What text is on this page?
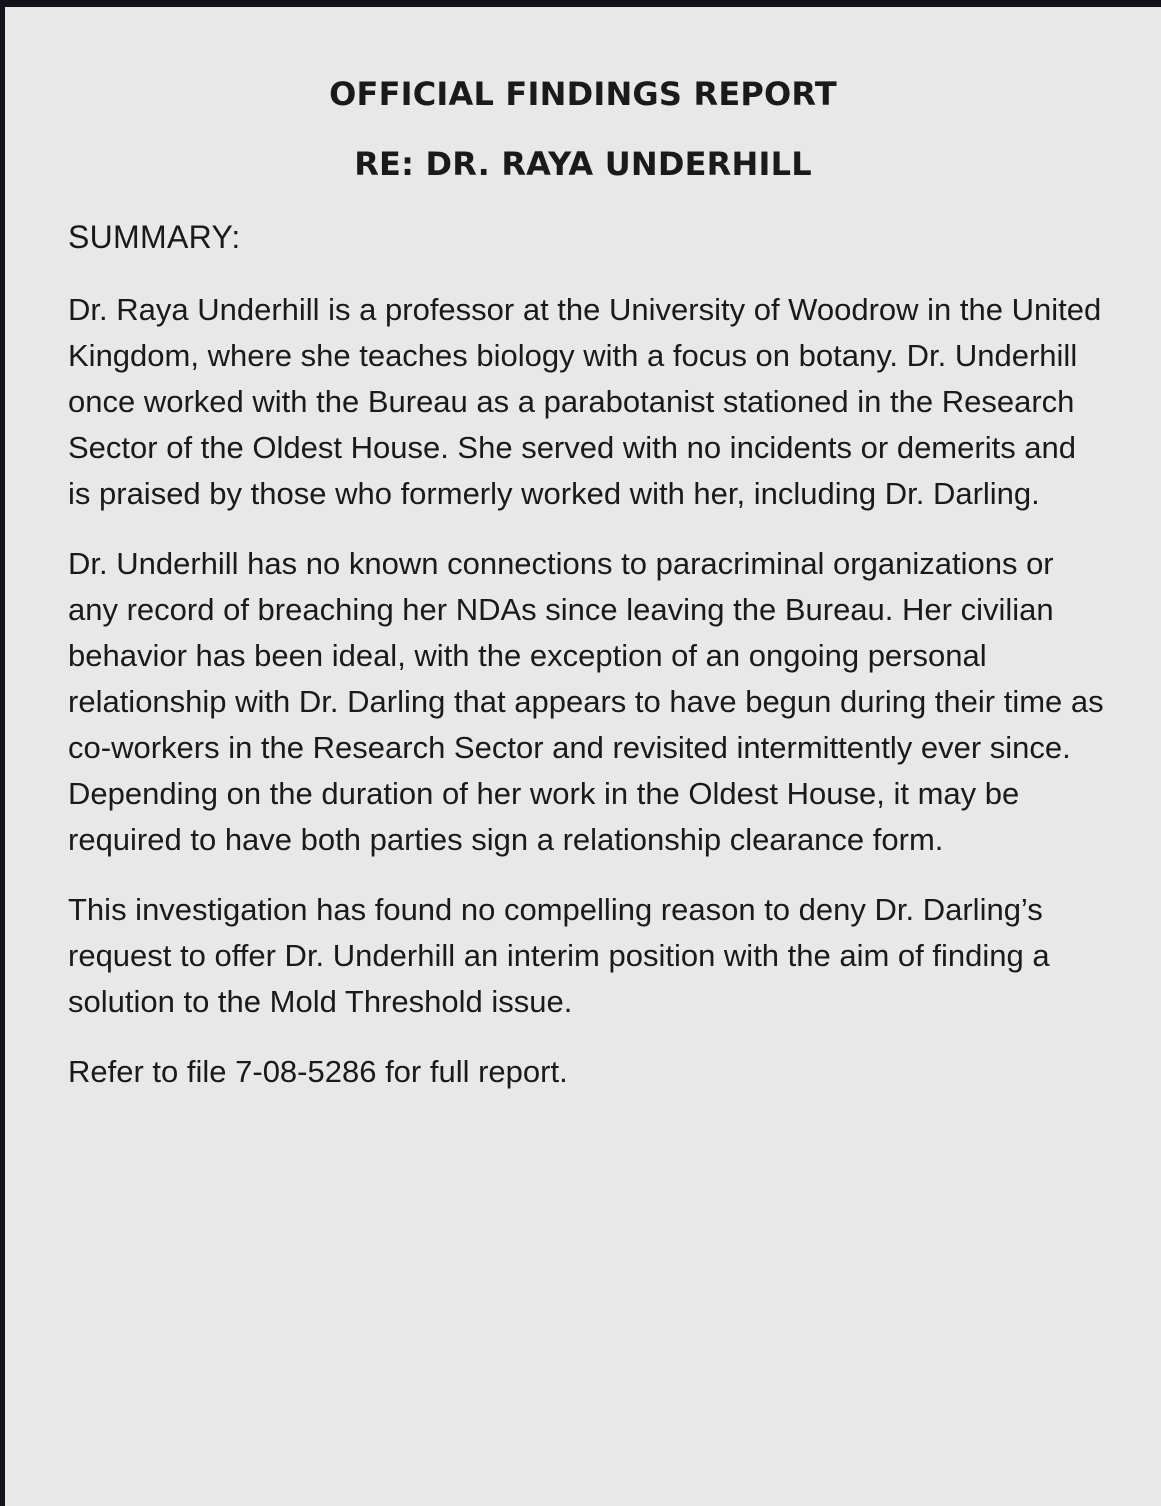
OFFICIAL FINDINGS REPORT
RE: DR. RAYA UNDERHILL
SUMMARY:

Dr. Raya Underhill is a professor at the University of Woodrow in the United Kingdom, where she teaches biology with a focus on botany. Dr. Underhill once worked with the Bureau as a parabotanist stationed in the Research Sector of the Oldest House. She served with no incidents or demerits and is praised by those who formerly worked with her, including Dr. Darling.

Dr. Underhill has no known connections to paracriminal organizations or any record of breaching her NDAs since leaving the Bureau. Her civilian behavior has been ideal, with the exception of an ongoing personal relationship with Dr. Darling that appears to have begun during their time as co-workers in the Research Sector and revisited intermittently ever since. Depending on the duration of her work in the Oldest House, it may be required to have both parties sign a relationship clearance form.

This investigation has found no compelling reason to deny Dr. Darling’s request to offer Dr. Underhill an interim position with the aim of finding a solution to the Mold Threshold issue.

Refer to file 7-08-5286 for full report.
